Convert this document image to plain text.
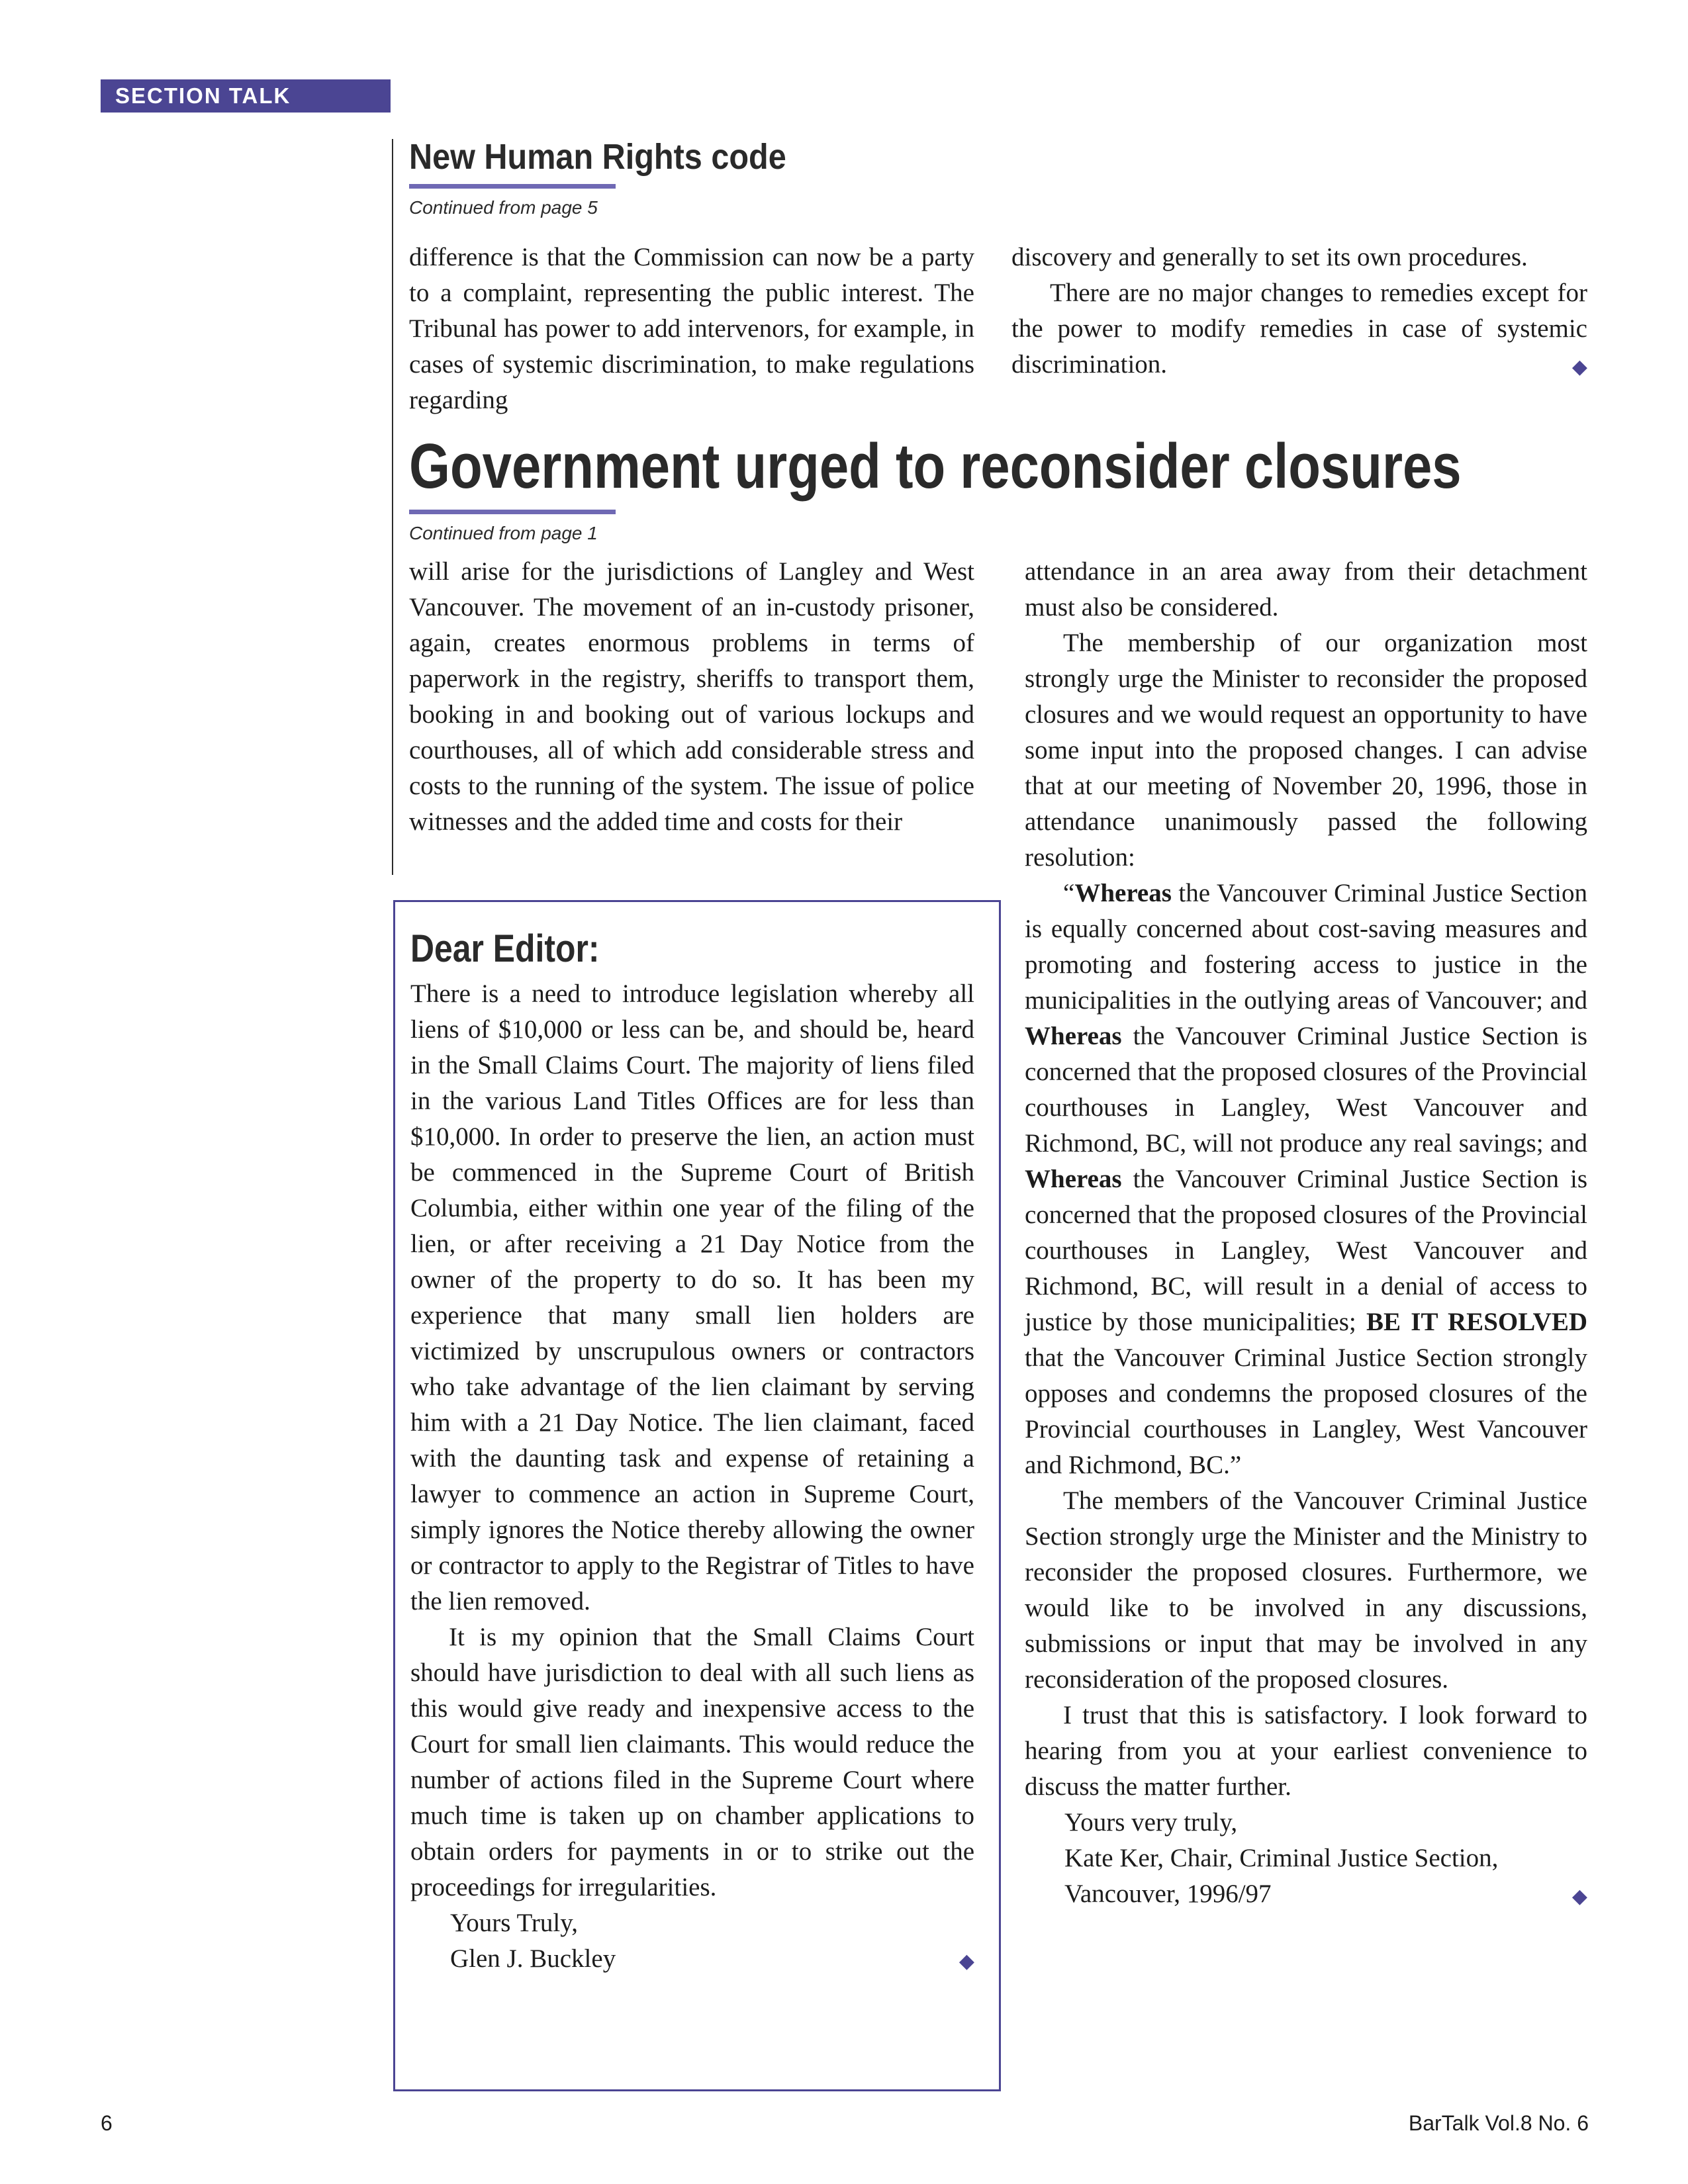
SECTION TALK
New Human Rights code
Continued from page 5

difference is that the Commission can now be a party to a complaint, representing the public interest. The Tribunal has power to add intervenors, for example, in cases of systemic discrimination, to make regulations regarding

discovery and generally to set its own procedures.

There are no major changes to remedies except for the power to modify remedies in case of systemic discrimination.	◆

Government urged to reconsider closures
Continued from page 1

will arise for the jurisdictions of Langley and West Vancouver. The movement of an in-custody prisoner, again, creates enormous problems in terms of paperwork in the registry, sheriffs to transport them, booking in and booking out of various lockups and courthouses, all of which add considerable stress and costs to the running of the system. The issue of police witnesses and the added time and costs for their

attendance in an area away from their detachment must also be considered.

The membership of our organization most strongly urge the Minister to reconsider the proposed closures and we would request an opportunity to have some input into the proposed changes. I can advise that at our meeting of November 20, 1996, those in attendance unanimously passed the following resolution:

“Whereas the Vancouver Criminal Justice Section is equally concerned about cost-saving measures and promoting and fostering access to justice in the municipalities in the outlying areas of Vancouver; and Whereas the Vancouver Criminal Justice Section is concerned that the proposed closures of the Provincial courthouses in Langley, West Vancouver and Richmond, BC, will not produce any real savings; and Whereas the Vancouver Criminal Justice Section is concerned that the proposed closures of the Provincial courthouses in Langley, West Vancouver and Richmond, BC, will result in a denial of access to justice by those municipalities; BE IT RESOLVED that the Vancouver Criminal Justice Section strongly opposes and condemns the proposed closures of the Provincial courthouses in Langley, West Vancouver and Richmond, BC.”

The members of the Vancouver Criminal Justice Section strongly urge the Minister and the Ministry to reconsider the proposed closures. Furthermore, we would like to be involved in any discussions, submissions or input that may be involved in any reconsideration of the proposed closures.

I trust that this is satisfactory. I look forward to hearing from you at your earliest convenience to discuss the matter further.

Yours very truly,

Kate Ker, Chair, Criminal Justice Section,

Vancouver, 1996/97	◆

Dear Editor:

There is a need to introduce legislation whereby all liens of $10,000 or less can be, and should be, heard in the Small Claims Court. The majority of liens filed in the various Land Titles Offices are for less than $10,000. In order to preserve the lien, an action must be commenced in the Supreme Court of British Columbia, either within one year of the filing of the lien, or after receiving a 21 Day Notice from the owner of the property to do so. It has been my experience that many small lien holders are victimized by unscrupulous owners or contractors who take advantage of the lien claimant by serving him with a 21 Day Notice. The lien claimant, faced with the daunting task and expense of retaining a lawyer to commence an action in Supreme Court, simply ignores the Notice thereby allowing the owner or contractor to apply to the Registrar of Titles to have the lien removed.

It is my opinion that the Small Claims Court should have jurisdiction to deal with all such liens as this would give ready and inexpensive access to the Court for small lien claimants. This would reduce the number of actions filed in the Supreme Court where much time is taken up on chamber applications to obtain orders for payments in or to strike out the proceedings for irregularities.

Yours Truly,

Glen J. Buckley	◆

6	BarTalk Vol.8 No. 6
